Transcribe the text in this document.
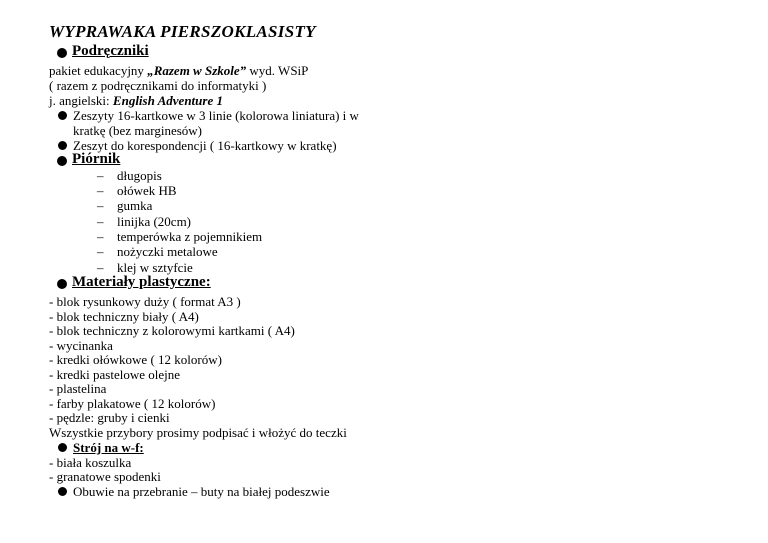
WYPRAWAKA PIERSZOKLASISTY
Podręczniki
pakiet edukacyjny „Razem w Szkole” wyd. WSiP
( razem z podręcznikami do informatyki )
j. angielski: English Adventure 1
Zeszyty 16-kartkowe w 3 linie (kolorowa liniatura) i w
kratkę (bez marginesów)
Zeszyt do korespondencji ( 16-kartkowy w kratkę)
Piórnik
– długopis
– ołówek HB
– gumka
– linijka (20cm)
– temperówka z pojemnikiem
– nożyczki metalowe
– klej w sztyfcie
Materiały plastyczne:
- blok rysunkowy duży ( format A3 )
- blok techniczny biały ( A4)
- blok techniczny z kolorowymi kartkami ( A4)
- wycinanka
- kredki ołówkowe ( 12 kolorów)
- kredki pastelowe olejne
- plastelina
- farby plakatowe ( 12 kolorów)
- pędzle: gruby i cienki
Wszystkie przybory prosimy podpisać i włożyć do teczki
Strój na w-f:
- biała koszulka
- granatowe spodenki
Obuwie na przebranie – buty na białej podeszwie
